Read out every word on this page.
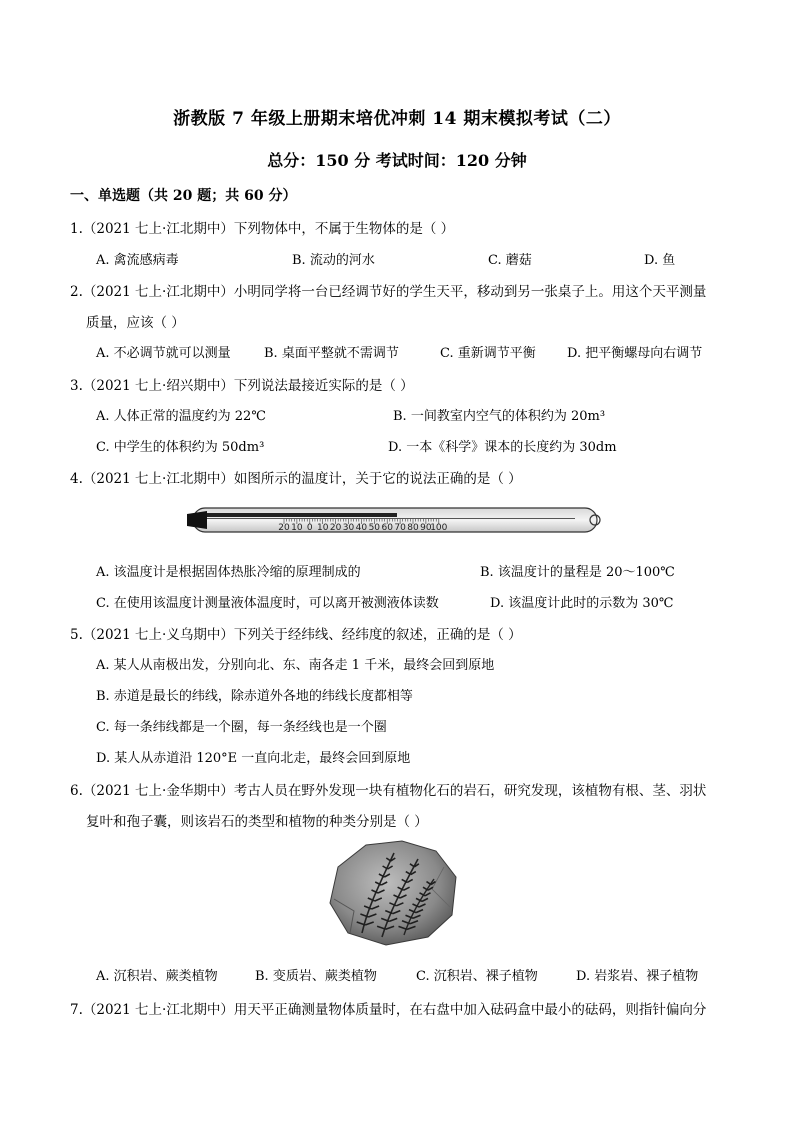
浙教版 7 年级上册期末培优冲刺 14 期末模拟考试（二）
总分：150 分 考试时间：120 分钟
一、单选题（共 20 题；共 60 分）
1.（2021 七上·江北期中）下列物体中，不属于生物体的是（ ）
A. 禽流感病毒	B. 流动的河水	C. 蘑菇	D. 鱼
2.（2021 七上·江北期中）小明同学将一台已经调节好的学生天平，移动到另一张桌子上。用这个天平测量
质量，应该（ ）
A. 不必调节就可以测量	B. 桌面平整就不需调节	C. 重新调节平衡 D. 把平衡螺母向右调节
3.（2021 七上·绍兴期中）下列说法最接近实际的是（ ）
A. 人体正常的温度约为 22℃	B. 一间教室内空气的体积约为 20m³
C. 中学生的体积约为 50dm³	D. 一本《科学》课本的长度约为 30dm
4.（2021 七上·江北期中）如图所示的温度计，关于它的说法正确的是（ ）
20 10 0 10 20 30 40 50 60 70 80 90
100
A. 该温度计是根据固体热胀冷缩的原理制成的	B. 该温度计的量程是 20～100℃
C. 在使用该温度计测量液体温度时，可以离开被测液体读数	D. 该温度计此时的示数为 30℃
5.（2021 七上·义乌期中）下列关于经纬线、经纬度的叙述，正确的是（ ）
A. 某人从南极出发，分别向北、东、南各走 1 千米，最终会回到原地
B. 赤道是最长的纬线，除赤道外各地的纬线长度都相等
C. 每一条纬线都是一个圈，每一条经线也是一个圈
D. 某人从赤道沿 120°E 一直向北走，最终会回到原地
6.（2021 七上·金华期中）考古人员在野外发现一块有植物化石的岩石，研究发现，该植物有根、茎、羽状
复叶和孢子囊，则该岩石的类型和植物的种类分别是（ ）
A. 沉积岩、蕨类植物	B. 变质岩、蕨类植物	C. 沉积岩、裸子植物	D. 岩浆岩、裸子植物
7.（2021 七上·江北期中）用天平正确测量物体质量时，在右盘中加入砝码盒中最小的砝码，则指针偏向分
